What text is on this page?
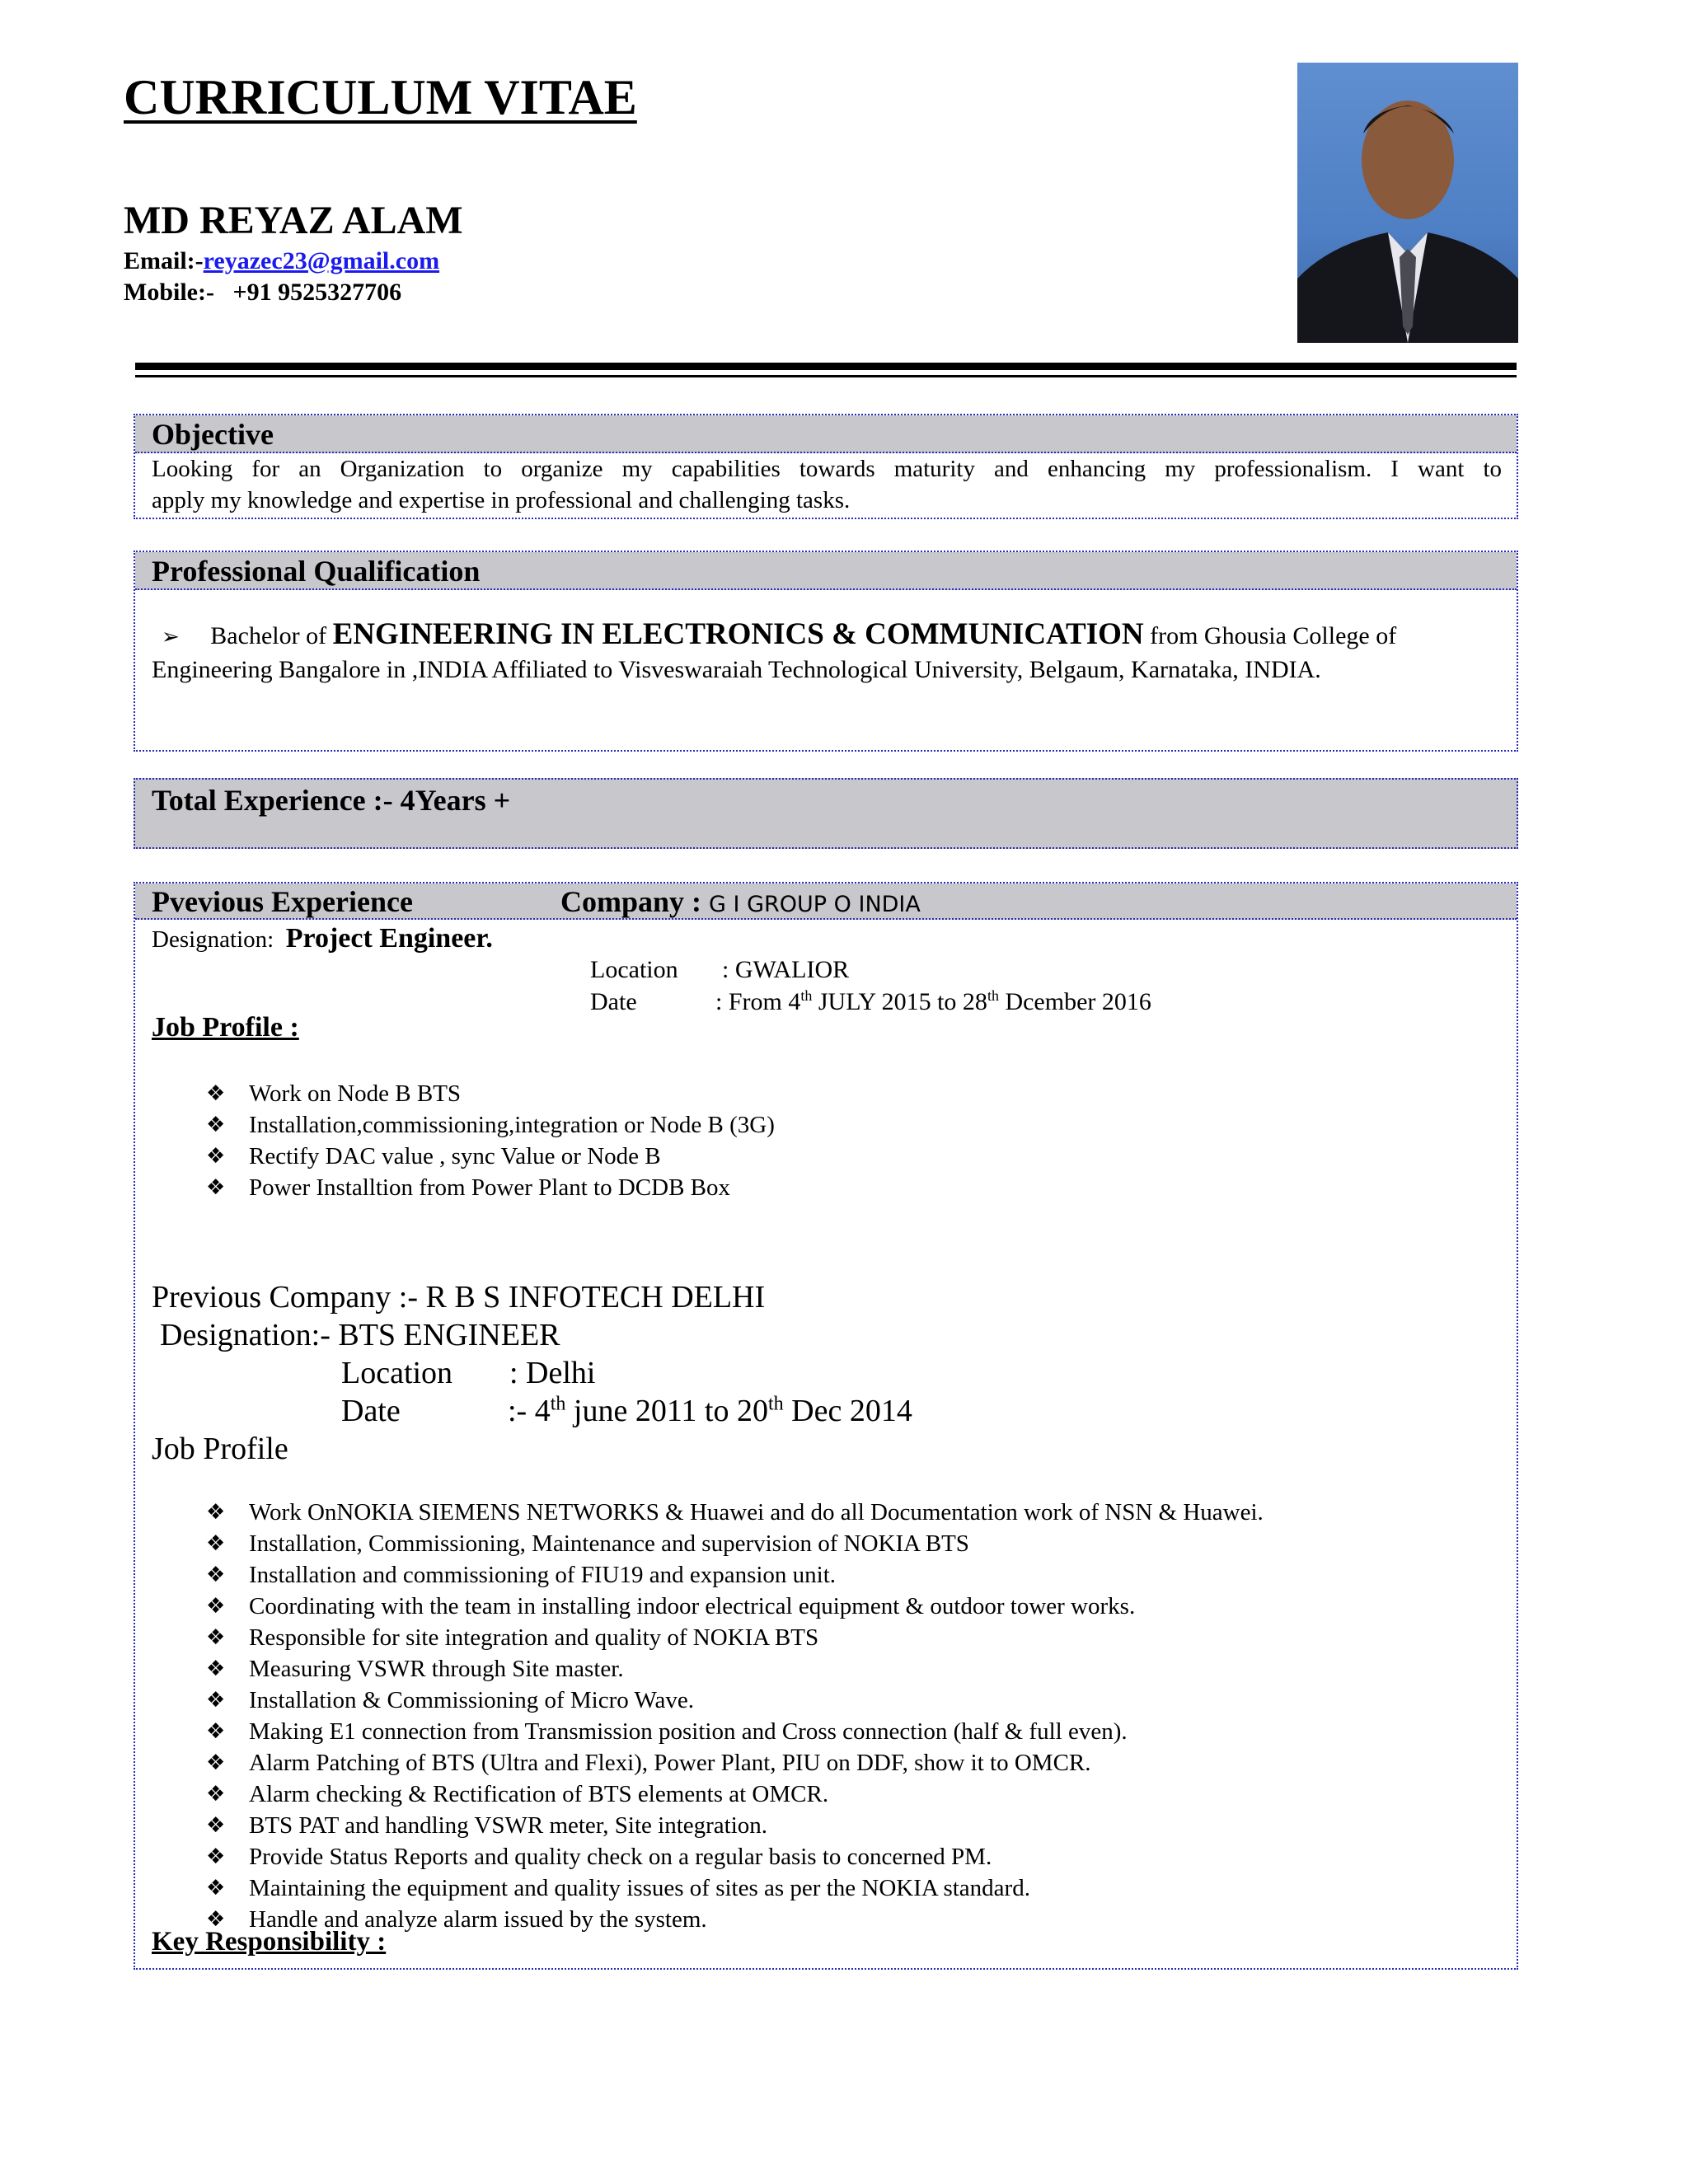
CURRICULUM VITAE
MD REYAZ ALAM
Email:-reyazec23@gmail.com
Mobile:- +91 9525327706
Objective
Looking for an Organization to organize my capabilities towards maturity and enhancing my professionalism. I want to
apply my knowledge and expertise in professional and challenging tasks.
Professional Qualification
➢ Bachelor of ENGINEERING IN ELECTRONICS & COMMUNICATION from Ghousia College of
Engineering Bangalore in ,INDIA Affiliated to Visveswaraiah Technological University, Belgaum, Karnataka, INDIA.
Total Experience :- 4Years +
Pvevious Experience	Company : G I GROUP O INDIA
Designation: Project Engineer.
Location : GWALIOR
Date	: From 4th JULY 2015 to 28th Dcember 2016
Job Profile :
❖ Work on Node B BTS
❖ Installation,commissioning,integration or Node B (3G)
❖ Rectify DAC value , sync Value or Node B
❖ Power Installtion from Power Plant to DCDB Box
Previous Company :- R B S INFOTECH DELHI
Designation:- BTS ENGINEER
Location : Delhi
Date	:- 4th june 2011 to 20th Dec 2014
Job Profile
❖ Work OnNOKIA SIEMENS NETWORKS & Huawei and do all Documentation work of NSN & Huawei.
❖ Installation, Commissioning, Maintenance and supervision of NOKIA BTS
❖ Installation and commissioning of FIU19 and expansion unit.
❖ Coordinating with the team in installing indoor electrical equipment & outdoor tower works.
❖ Responsible for site integration and quality of NOKIA BTS
❖ Measuring VSWR through Site master.
❖ Installation & Commissioning of Micro Wave.
❖ Making E1 connection from Transmission position and Cross connection (half & full even).
❖ Alarm Patching of BTS (Ultra and Flexi), Power Plant, PIU on DDF, show it to OMCR.
❖ Alarm checking & Rectification of BTS elements at OMCR.
❖ BTS PAT and handling VSWR meter, Site integration.
❖ Provide Status Reports and quality check on a regular basis to concerned PM.
❖ Maintaining the equipment and quality issues of sites as per the NOKIA standard.
❖ Handle and analyze alarm issued by the system.
Key Responsibility :
